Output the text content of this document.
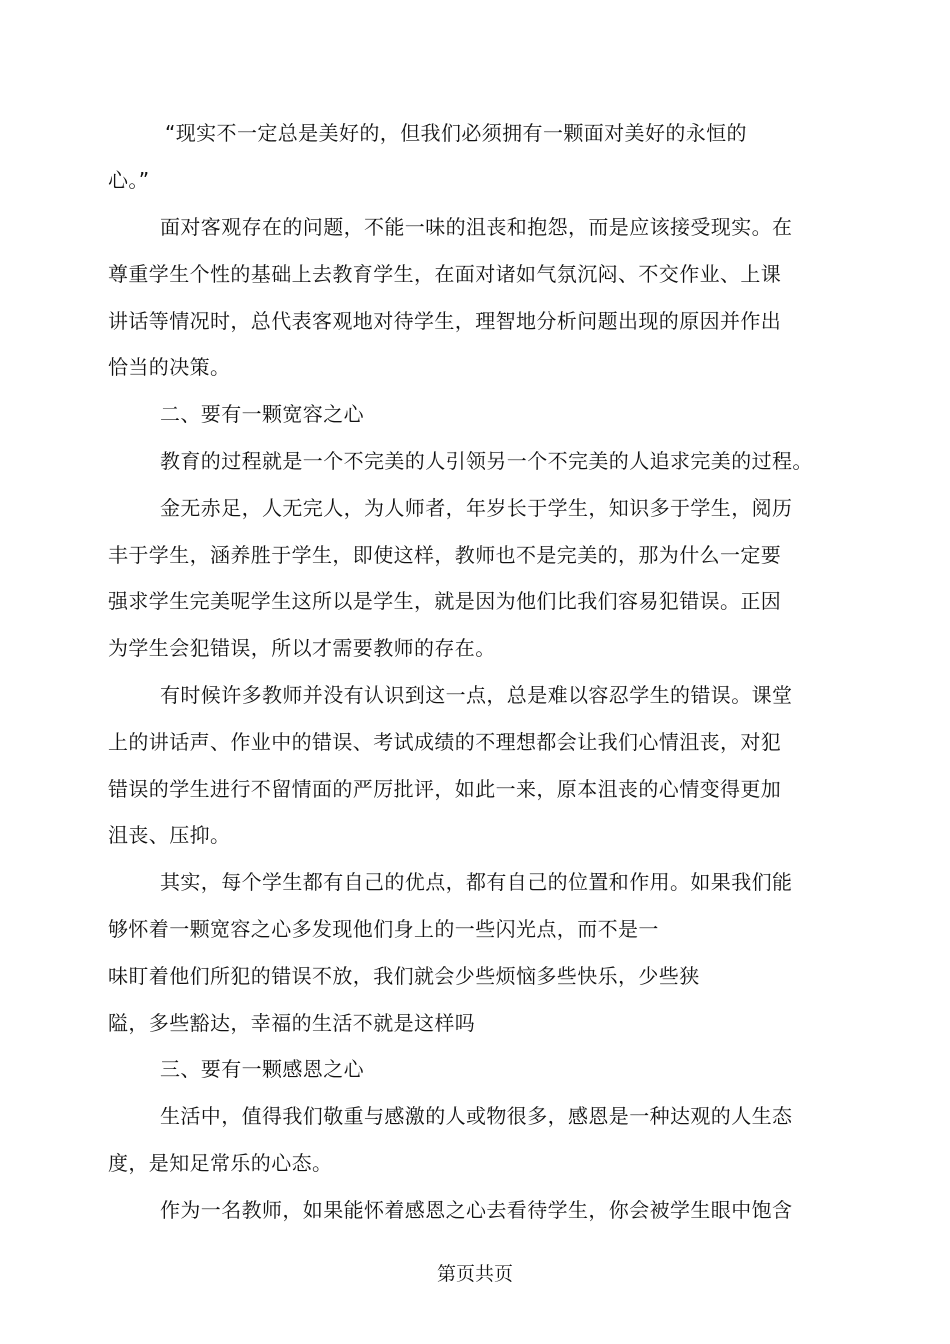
“现实不一定总是美好的，但我们必须拥有一颗面对美好的永恒的
心。”
面对客观存在的问题，不能一味的沮丧和抱怨，而是应该接受现实。在
尊重学生个性的基础上去教育学生，在面对诸如气氛沉闷、不交作业、上课
讲话等情况时，总代表客观地对待学生，理智地分析问题出现的原因并作出
恰当的决策。
二、要有一颗宽容之心
教育的过程就是一个不完美的人引领另一个不完美的人追求完美的过程。
金无赤足，人无完人，为人师者，年岁长于学生，知识多于学生，阅历
丰于学生，涵养胜于学生，即使这样，教师也不是完美的，那为什么一定要
强求学生完美呢学生这所以是学生，就是因为他们比我们容易犯错误。正因
为学生会犯错误，所以才需要教师的存在。
有时候许多教师并没有认识到这一点，总是难以容忍学生的错误。课堂
上的讲话声、作业中的错误、考试成绩的不理想都会让我们心情沮丧，对犯
错误的学生进行不留情面的严厉批评，如此一来，原本沮丧的心情变得更加
沮丧、压抑。
其实，每个学生都有自己的优点，都有自己的位置和作用。如果我们能
够怀着一颗宽容之心多发现他们身上的一些闪光点，而不是一
味盯着他们所犯的错误不放，我们就会少些烦恼多些快乐，少些狭
隘，多些豁达，幸福的生活不就是这样吗
三、要有一颗感恩之心
生活中，值得我们敬重与感激的人或物很多，感恩是一种达观的人生态
度，是知足常乐的心态。
作为一名教师，如果能怀着感恩之心去看待学生，你会被学生眼中饱含
第页共页
